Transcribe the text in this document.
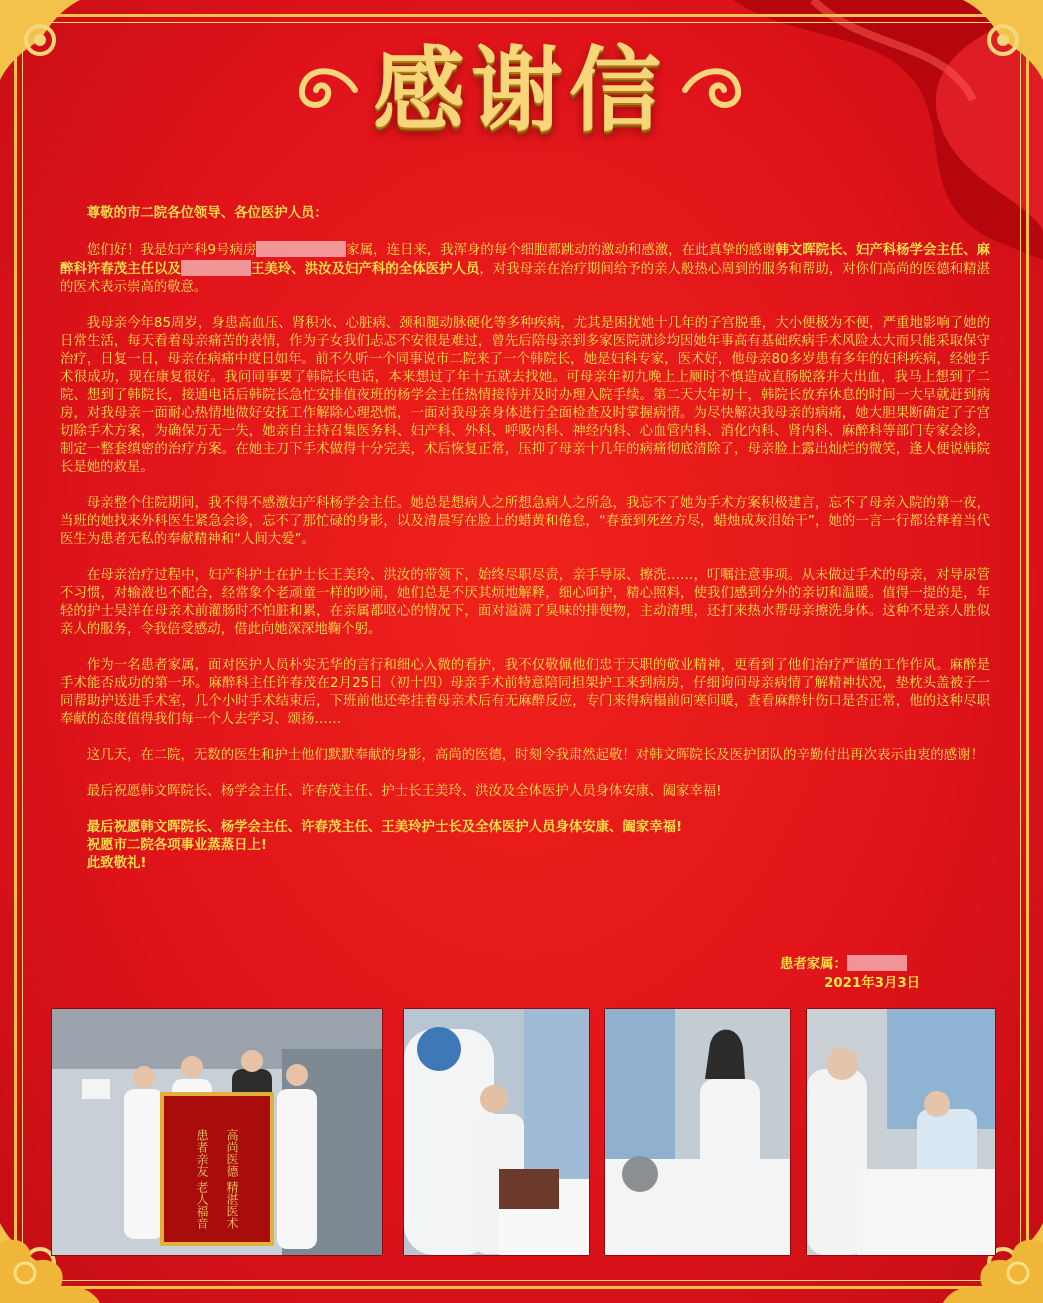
感谢信

尊敬的市二院各位领导、各位医护人员：

您们好！我是妇产科9号病房	家属，连日来，我浑身的每个细胞都跳动的激动和感激，在此真挚的感谢韩文晖院长、妇产科杨学会主任、麻醉科许春茂主任以及	王美玲、洪汝及妇产科的全体医护人员，对我母亲在治疗期间给予的亲人般热心周到的服务和帮助，对你们高尚的医德和精湛的医术表示崇高的敬意。

我母亲今年85周岁，身患高血压、肾积水、心脏病、颈和腿动脉硬化等多种疾病，尤其是困扰她十几年的子宫脱垂，大小便极为不便，严重地影响了她的日常生活，每天看着母亲痛苦的表情，作为子女我们忐忑不安很是难过，曾先后陪母亲到多家医院就诊均因她年事高有基础疾病手术风险太大而只能采取保守治疗，日复一日，母亲在病痛中度日如年。前不久听一个同事说市二院来了一个韩院长，她是妇科专家，医术好，他母亲80多岁患有多年的妇科疾病，经她手术很成功，现在康复很好。我问同事要了韩院长电话，本来想过了年十五就去找她。可母亲年初九晚上上厕时不慎造成直肠脱落并大出血，我马上想到了二院、想到了韩院长，接通电话后韩院长急忙安排值夜班的杨学会主任热情接待并及时办理入院手续。第二天大年初十，韩院长放弃休息的时间一大早就赶到病房，对我母亲一面耐心热情地做好安抚工作解除心理恐慌，一面对我母亲身体进行全面检查及时掌握病情。为尽快解决我母亲的病痛，她大胆果断确定了子宫切除手术方案，为确保万无一失，她亲自主持召集医务科、妇产科、外科、呼吸内科、神经内科、心血管内科、消化内科、肾内科、麻醉科等部门专家会诊，制定一整套缜密的治疗方案。在她主刀下手术做得十分完美，术后恢复正常，压抑了母亲十几年的病痛彻底清除了，母亲脸上露出灿烂的微笑，逢人便说韩院长是她的救星。

母亲整个住院期间，我不得不感激妇产科杨学会主任。她总是想病人之所想急病人之所急，我忘不了她为手术方案积极建言，忘不了母亲入院的第一夜，当班的她找来外科医生紧急会诊，忘不了那忙碌的身影，以及清晨写在脸上的蜡黄和倦怠，“春蚕到死丝方尽，蜡烛成灰泪始干”，她的一言一行都诠释着当代医生为患者无私的奉献精神和“人间大爱”。

在母亲治疗过程中，妇产科护士在护士长王美玲、洪汝的带领下，始终尽职尽责，亲手导尿、擦洗……，叮嘱注意事项。从未做过手术的母亲，对导尿管不习惯，对输液也不配合，经常象个老顽童一样的吵闹，她们总是不厌其烦地解释，细心呵护，精心照料，使我们感到分外的亲切和温暖。值得一提的是，年轻的护士吴洋在母亲术前灌肠时不怕脏和累，在亲属都呕心的情况下，面对溢满了臭味的排便物，主动清理，还打来热水帮母亲擦洗身体。这种不是亲人胜似亲人的服务，令我倍受感动，借此向她深深地鞠个躬。

作为一名患者家属，面对医护人员朴实无华的言行和细心入微的看护，我不仅敬佩他们忠于天职的敬业精神，更看到了他们治疗严谨的工作作风。麻醉是手术能否成功的第一环。麻醉科主任许春茂在2月25日（初十四）母亲手术前特意陪同担架护工来到病房，仔细询问母亲病情了解精神状况，垫枕头盖被子一同帮助护送进手术室，几个小时手术结束后，下班前他还牵挂着母亲术后有无麻醉反应，专门来得病榻前问寒问暖，查看麻醉针伤口是否正常，他的这种尽职奉献的态度值得我们每一个人去学习、颂扬……

这几天，在二院，无数的医生和护士他们默默奉献的身影，高尚的医德，时刻令我肃然起敬！对韩文晖院长及医护团队的辛勤付出再次表示由衷的感谢！

最后祝愿韩文晖院长、杨学会主任、许春茂主任、护士长王美玲、洪汝及全体医护人员身体安康、阖家幸福!

最后祝愿韩文晖院长、杨学会主任、许春茂主任、王美玲护士长及全体医护人员身体安康、阖家幸福!

祝愿市二院各项事业蒸蒸日上!

此致敬礼!

患者家属：
2021年3月3日
高尚医德 精湛医术
患者亲友 老人福音
